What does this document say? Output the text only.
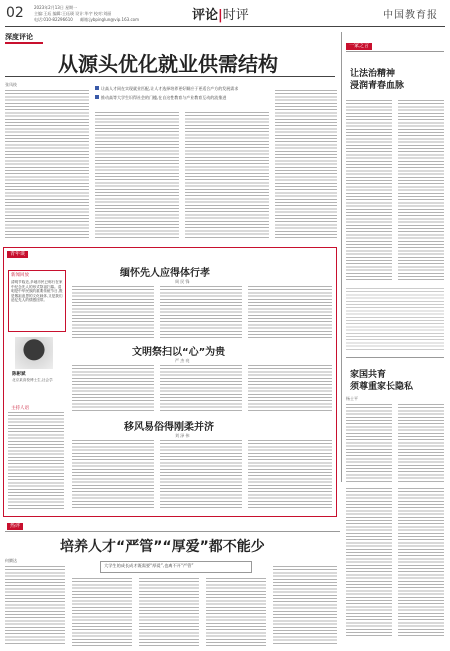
02	2023年2月13日 星期一
主编:王珏 编辑:王珏瑛 设计:毕宇 校对:刘丽
电话:010-82296610 邮箱:jybpinglun@vip.163.com	评论|时评	中国教育报
深度评论
从源头优化就业供需结构
张凤枝
让高人才同在实现就业匹配,让人才选择培养更好顺应于更适合产方的发展需求
推动高等大学生识得社会的门槛,在自这性教育与产业教育互动的流推进
一家之言
让法治精神
浸润青春血脉
家国共育
须尊重家长隐私
杨士平
青年谈
新闻回放
清明节临近,多地市民已称行在家中纪念先人的形式祭祖扫墓。清明是中华民族的重要传统节日,既是敬祖追思的文化载体,又是我们追忆先人的情感纽带。
陈彬斌
北京某高校博士生,社会学
主持人语
缅怀先人应得体行孝
周 民 锋
文明祭扫以“心”为贵
严 杰 亮
移风易俗得刚柔并济
刘 泽 伟
热评
培养人才“严管”“厚爱”都不能少
何腾达
大学生的成长成才既需要“厚爱”,也离不开“严管”
